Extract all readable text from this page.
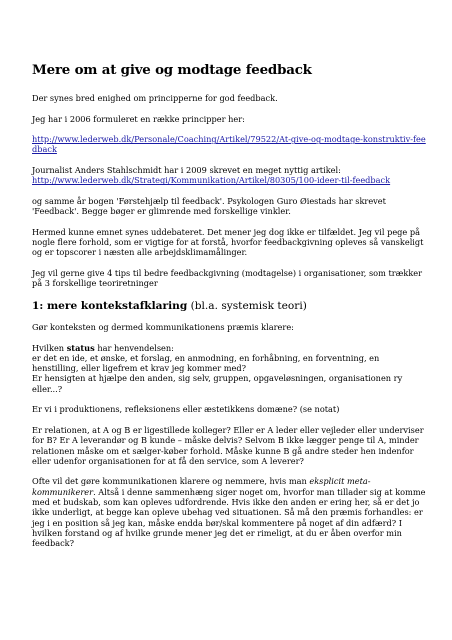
Mere om at give og modtage feedback

Der synes bred enighed om principperne for god feedback.

Jeg har i 2006 formuleret en række principper her:

http://www.lederweb.dk/Personale/Coaching/Artikel/79522/At-give-og-modtage-konstruktiv-feedback

Journalist Anders Stahlschmidt har i 2009 skrevet en meget nyttig artikel:
http://www.lederweb.dk/Strategi/Kommunikation/Artikel/80305/100-ideer-til-feedback

og samme år bogen 'Førstehjælp til feedback'. Psykologen Guro Øiestads har skrevet 'Feedback'. Begge bøger er glimrende med forskellige vinkler.

Hermed kunne emnet synes uddebateret. Det mener jeg dog ikke er tilfældet. Jeg vil pege på nogle flere forhold, som er vigtige for at forstå, hvorfor feedbackgivning opleves så vanskeligt og er topscorer i næsten alle arbejdsklimamålinger.

Jeg vil gerne give 4 tips til bedre feedbackgivning (modtagelse) i organisationer, som trækker på 3 forskellige teoriretninger

1: mere kontekstafklaring (bl.a. systemisk teori)

Gør konteksten og dermed kommunikationens præmis klarere:

Hvilken status har henvendelsen:
er det en ide, et ønske, et forslag, en anmodning, en forhåbning, en forventning, en henstilling, eller ligefrem et krav jeg kommer med?
Er hensigten at hjælpe den anden, sig selv, gruppen, opgaveløsningen, organisationen ry eller...?

Er vi i produktionens, refleksionens eller æstetikkens domæne? (se notat)

Er relationen, at A og B er ligestillede kolleger? Eller er A leder eller vejleder eller underviser for B? Er A leverandør og B kunde – måske delvis? Selvom B ikke lægger penge til A, minder relationen måske om et sælger-køber forhold. Måske kunne B gå andre steder hen indenfor eller udenfor organisationen for at få den service, som A leverer?

Ofte vil det gøre kommunikationen klarere og nemmere, hvis man eksplicit meta-kommunikerer. Altså i denne sammenhæng siger noget om, hvorfor man tillader sig at komme med et budskab, som kan opleves udfordrende. Hvis ikke den anden er ering her, så er det jo ikke underligt, at begge kan opleve ubehag ved situationen. Så må den præmis forhandles: er jeg i en position så jeg kan, måske endda bør/skal kommentere på noget af din adfærd? I hvilken forstand og af hvilke grunde mener jeg det er rimeligt, at du er åben overfor min feedback?
